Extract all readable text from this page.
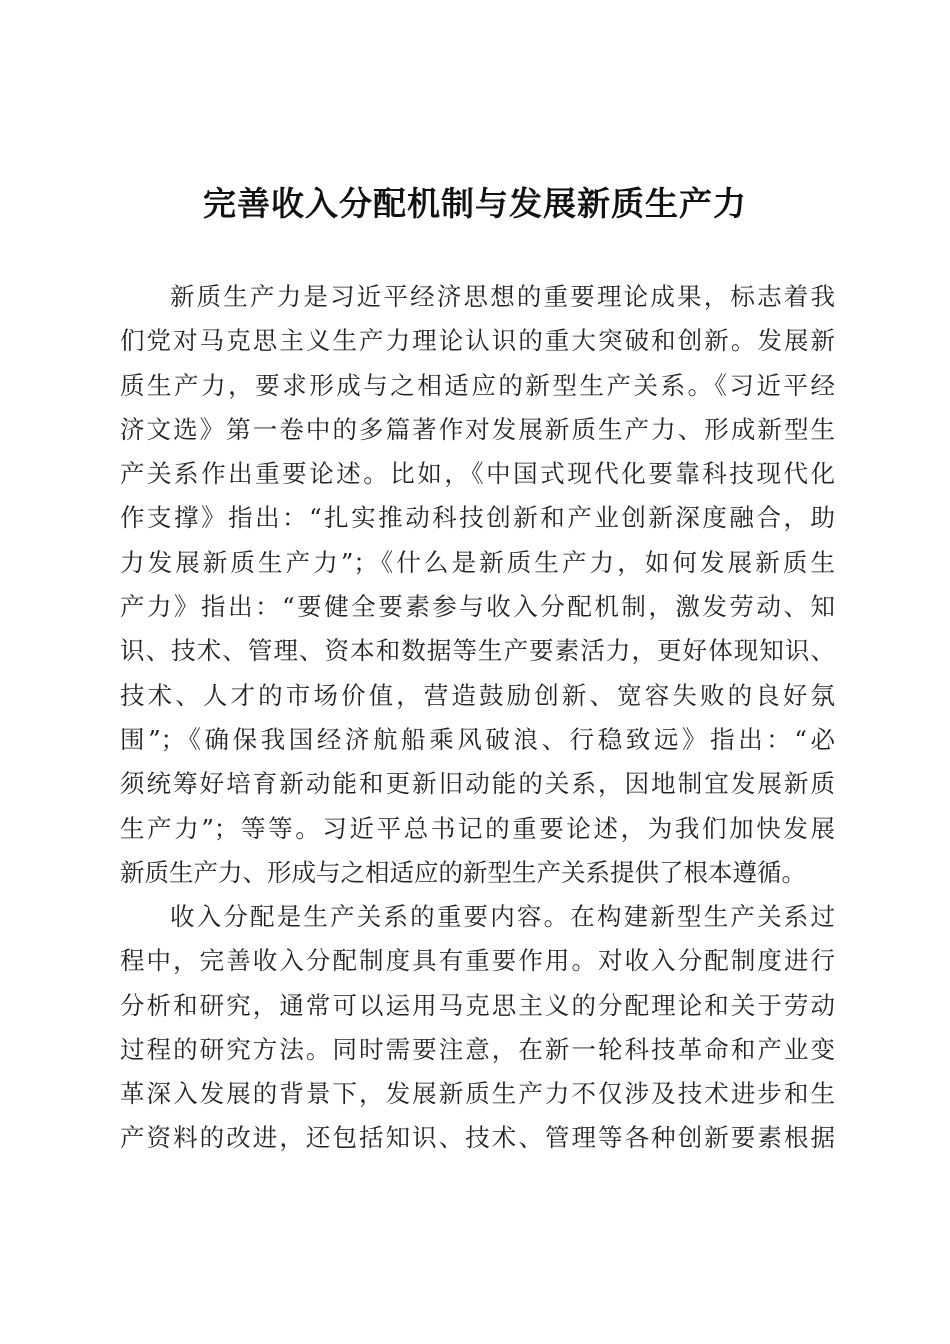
完善收入分配机制与发展新质生产力
新质生产力是习近平经济思想的重要理论成果，标志着我
们党对马克思主义生产力理论认识的重大突破和创新。发展新
质生产力，要求形成与之相适应的新型生产关系。《习近平经
济文选》第一卷中的多篇著作对发展新质生产力、形成新型生
产关系作出重要论述。比如，《中国式现代化要靠科技现代化
作支撑》指出：“扎实推动科技创新和产业创新深度融合，助
力发展新质生产力”；《什么是新质生产力，如何发展新质生
产力》指出：“要健全要素参与收入分配机制，激发劳动、知
识、技术、管理、资本和数据等生产要素活力，更好体现知识、
技术、人才的市场价值，营造鼓励创新、宽容失败的良好氛
围”；《确保我国经济航船乘风破浪、行稳致远》指出：“必
须统筹好培育新动能和更新旧动能的关系，因地制宜发展新质
生产力”；等等。习近平总书记的重要论述，为我们加快发展
新质生产力、形成与之相适应的新型生产关系提供了根本遵循。
收入分配是生产关系的重要内容。在构建新型生产关系过
程中，完善收入分配制度具有重要作用。对收入分配制度进行
分析和研究，通常可以运用马克思主义的分配理论和关于劳动
过程的研究方法。同时需要注意，在新一轮科技革命和产业变
革深入发展的背景下，发展新质生产力不仅涉及技术进步和生
产资料的改进，还包括知识、技术、管理等各种创新要素根据
